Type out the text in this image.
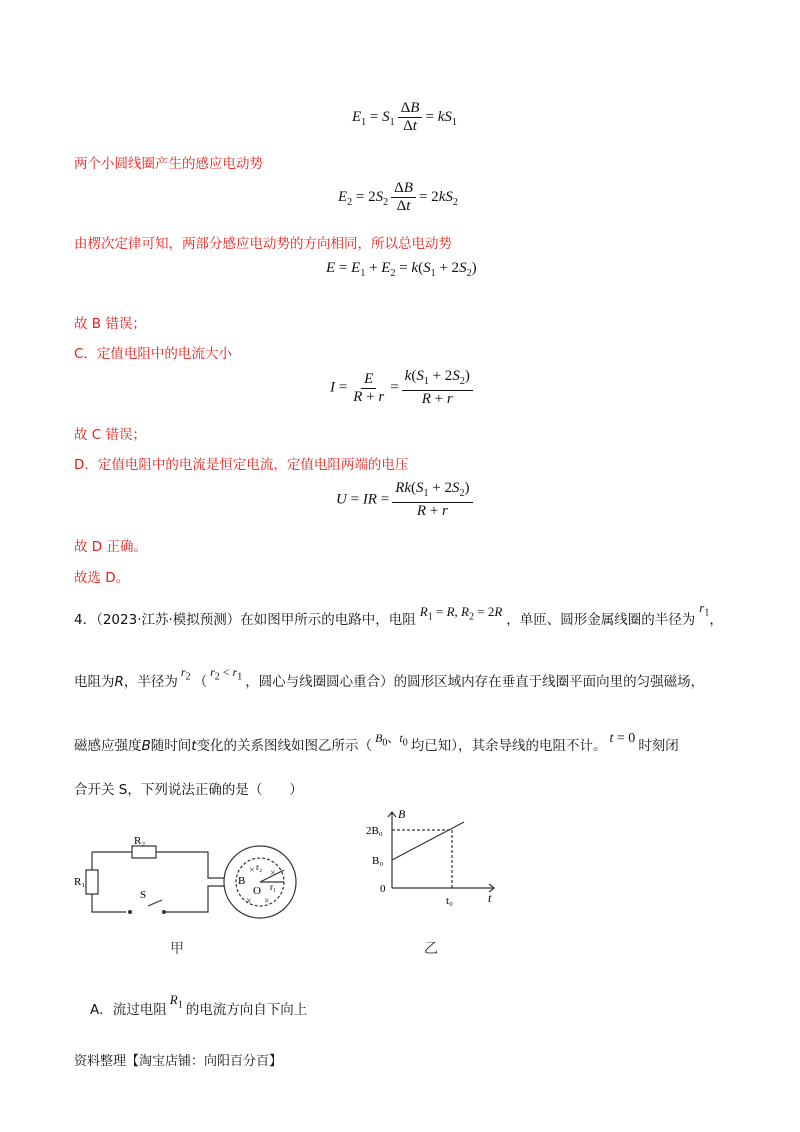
$E_1 = S_1 \frac{\Delta B}{\Delta t} = kS_1$
两个小圆线圈产生的感应电动势
$E_2 = 2S_2 \frac{\Delta B}{\Delta t} = 2kS_2$
由楞次定律可知，两部分感应电动势的方向相同，所以总电动势
$E = E_1 + E_2 = k(S_1 + 2S_2)$
故 B 错误；
C．定值电阻中的电流大小
$I = \frac{E}{R + r} = \frac{k(S_1 + 2S_2)}{R + r}$
故 C 错误；
D．定值电阻中的电流是恒定电流，定值电阻两端的电压
U = IR = $\frac{Rk(S_1 + 2S_2)}{R + r}$
故 D 正确。
故选 D。
4．（2023·江苏·模拟预测）在如图甲所示的电路中，电阻$R_1 = R$, $R_2 = 2R$，单匝、圆形金属线圈的半径为$r_1$，
电阻为R，半径为$r_2$ （$r_2 < r_1$ ，圆心与线圈圆心重合）的圆形区域内存在垂直于线圈平面向里的匀强磁场，
磁感应强度B随时间t变化的关系图线如图乙所示（ $B_0$、$t_0$ 均已知），其余导线的电阻不计。 t = 0 时刻闭
合开关 S，下列说法正确的是（　　）
R₂
R₁
S
B
O
r₂
r₁
× ×
× ×
甲
B
2B₀
B₀
0
t₀	t
乙
A．流过电阻$R_1$ 的电流方向自下向上
资料整理【淘宝店铺：向阳百分百】
